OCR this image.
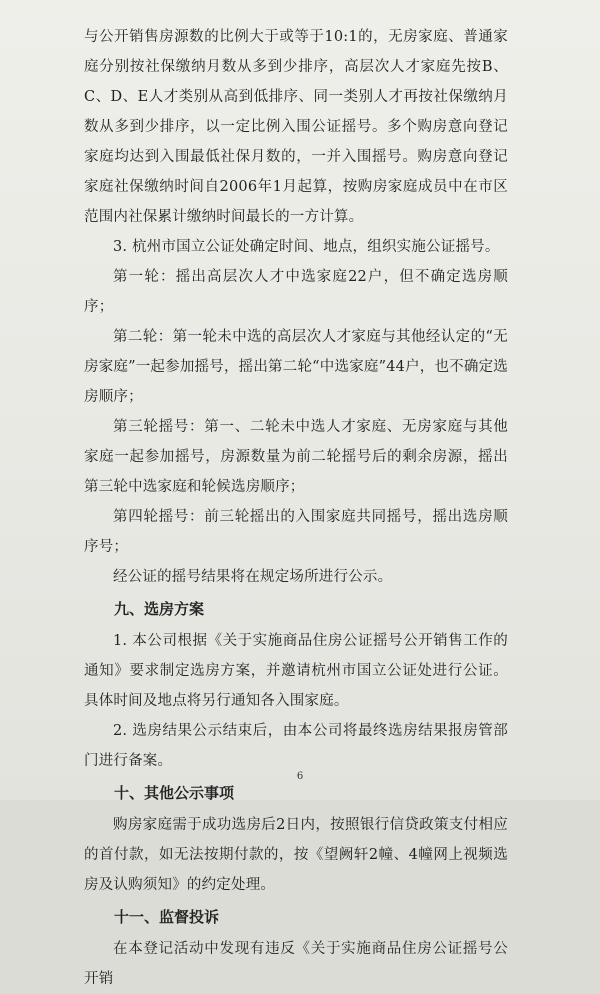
与公开销售房源数的比例大于或等于10:1的，无房家庭、普通家庭分别按社保缴纳月数从多到少排序，高层次人才家庭先按B、C、D、E人才类别从高到低排序、同一类别人才再按社保缴纳月数从多到少排序，以一定比例入围公证摇号。多个购房意向登记家庭均达到入围最低社保月数的，一并入围摇号。购房意向登记家庭社保缴纳时间自2006年1月起算，按购房家庭成员中在市区范围内社保累计缴纳时间最长的一方计算。

3. 杭州市国立公证处确定时间、地点，组织实施公证摇号。

第一轮：摇出高层次人才中选家庭22户，但不确定选房顺序；

第二轮：第一轮未中选的高层次人才家庭与其他经认定的“无房家庭”一起参加摇号，摇出第二轮“中选家庭”44户，也不确定选房顺序；

第三轮摇号：第一、二轮未中选人才家庭、无房家庭与其他家庭一起参加摇号，房源数量为前二轮摇号后的剩余房源，摇出第三轮中选家庭和轮候选房顺序；

第四轮摇号：前三轮摇出的入围家庭共同摇号，摇出选房顺序号；

经公证的摇号结果将在规定场所进行公示。

九、选房方案

1. 本公司根据《关于实施商品住房公证摇号公开销售工作的通知》要求制定选房方案，并邀请杭州市国立公证处进行公证。具体时间及地点将另行通知各入围家庭。

2. 选房结果公示结束后，由本公司将最终选房结果报房管部门进行备案。

十、其他公示事项

购房家庭需于成功选房后2日内，按照银行信贷政策支付相应的首付款，如无法按期付款的，按《望阙轩2幢、4幢网上视频选房及认购须知》的约定处理。

十一、监督投诉

在本登记活动中发现有违反《关于实施商品住房公证摇号公开销

6
